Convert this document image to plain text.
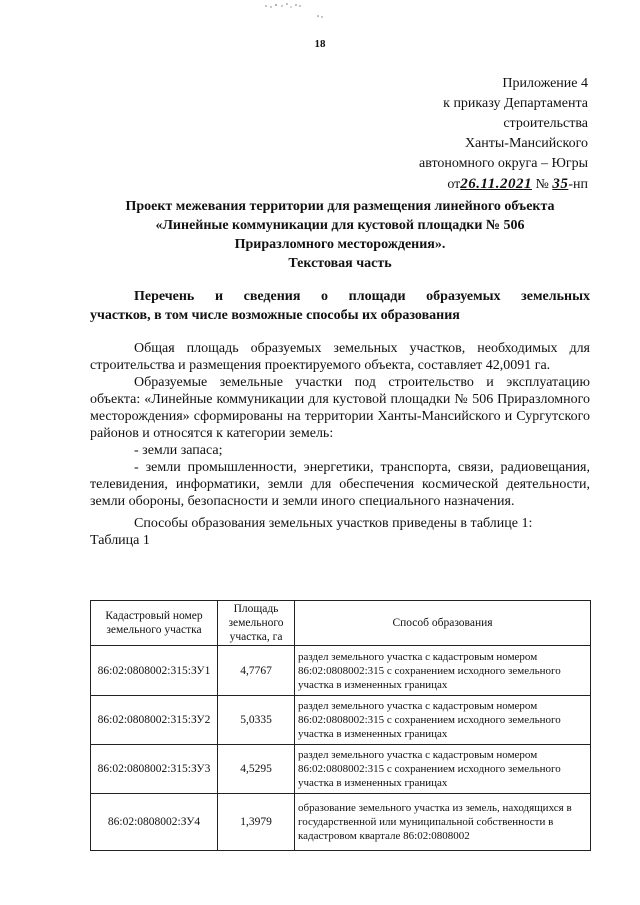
18
Приложение 4
к приказу Департамента
строительства
Ханты-Мансийского
автономного округа – Югры
от26.11.2021 № 35-нп
Проект межевания территории для размещения линейного объекта
«Линейные коммуникации для кустовой площадки № 506
Приразломного месторождения».
Текстовая часть
Перечень и сведения о площади образуемых земельных
участков, в том числе возможные способы их образования

Общая площадь образуемых земельных участков, необходимых для строительства и размещения проектируемого объекта, составляет 42,0091 га.

Образуемые земельные участки под строительство и эксплуатацию объекта: «Линейные коммуникации для кустовой площадки № 506 Приразломного месторождения» сформированы на территории Ханты-Мансийского и Сургутского районов и относятся к категории земель:

- земли запаса;

- земли промышленности, энергетики, транспорта, связи, радиовещания, телевидения, информатики, земли для обеспечения космической деятельности, земли обороны, безопасности и земли иного специального назначения.

Способы образования земельных участков приведены в таблице 1:

Таблица 1

Кадастровый номер земельного участка	Площадь земельного участка, га	Способ образования
86:02:0808002:315:ЗУ1	4,7767	раздел земельного участка с кадастровым номером 86:02:0808002:315 с сохранением исходного земельного участка в измененных границах
86:02:0808002:315:ЗУ2	5,0335	раздел земельного участка с кадастровым номером 86:02:0808002:315 с сохранением исходного земельного участка в измененных границах
86:02:0808002:315:ЗУ3	4,5295	раздел земельного участка с кадастровым номером 86:02:0808002:315 с сохранением исходного земельного участка в измененных границах
86:02:0808002:ЗУ4	1,3979	образование земельного участка из земель, находящихся в государственной или муниципальной собственности в кадастровом квартале 86:02:0808002
